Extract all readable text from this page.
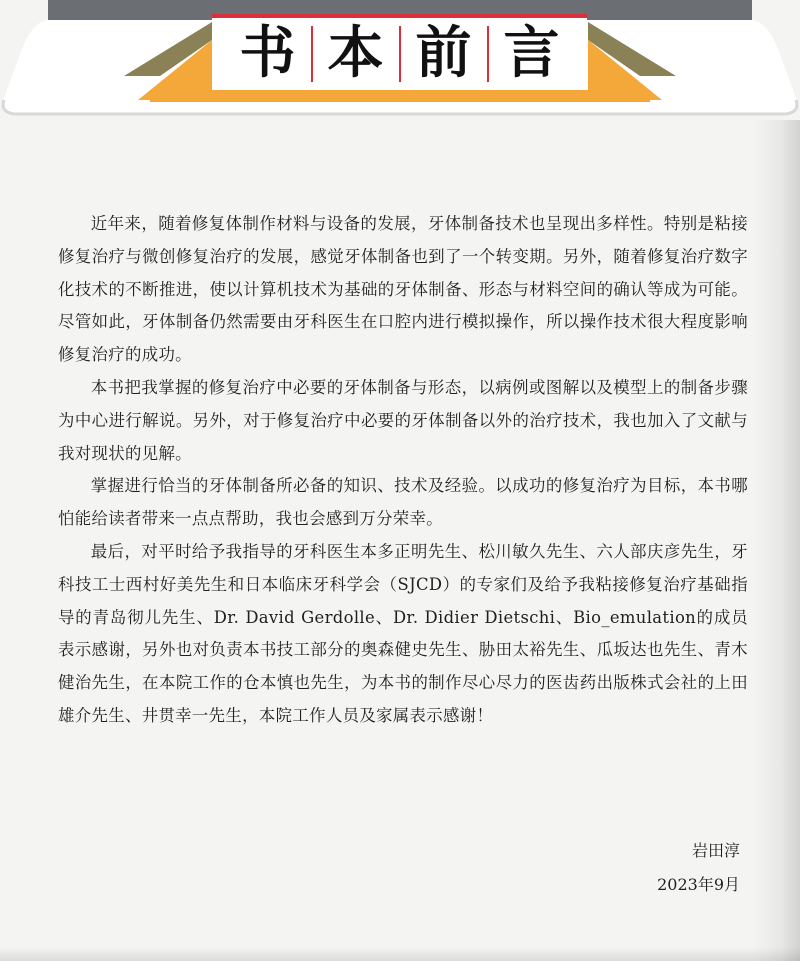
书 本 前 言

近年来，随着修复体制作材料与设备的发展，牙体制备技术也呈现出多样性。特别是粘接修复治疗与微创修复治疗的发展，感觉牙体制备也到了一个转变期。另外，随着修复治疗数字化技术的不断推进，使以计算机技术为基础的牙体制备、形态与材料空间的确认等成为可能。尽管如此，牙体制备仍然需要由牙科医生在口腔内进行模拟操作，所以操作技术很大程度影响修复治疗的成功。

本书把我掌握的修复治疗中必要的牙体制备与形态，以病例或图解以及模型上的制备步骤为中心进行解说。另外，对于修复治疗中必要的牙体制备以外的治疗技术，我也加入了文献与我对现状的见解。

掌握进行恰当的牙体制备所必备的知识、技术及经验。以成功的修复治疗为目标，本书哪怕能给读者带来一点点帮助，我也会感到万分荣幸。

最后，对平时给予我指导的牙科医生本多正明先生、松川敏久先生、六人部庆彦先生，牙科技工士西村好美先生和日本临床牙科学会（SJCD）的专家们及给予我粘接修复治疗基础指导的青岛彻儿先生、Dr. David Gerdolle、Dr. Didier Dietschi、Bio_emulation的成员表示感谢，另外也对负责本书技工部分的奥森健史先生、胁田太裕先生、瓜坂达也先生、青木健治先生，在本院工作的仓本慎也先生，为本书的制作尽心尽力的医齿药出版株式会社的上田雄介先生、井贯幸一先生，本院工作人员及家属表示感谢！

岩田淳
2023年9月
